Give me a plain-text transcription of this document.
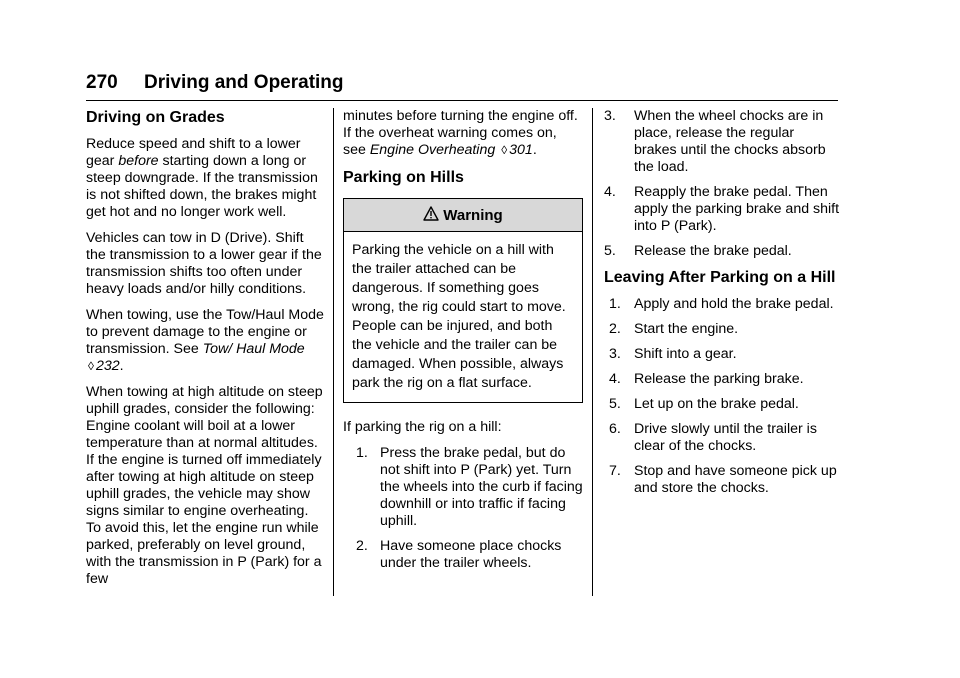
270 Driving and Operating
Driving on Grades

Reduce speed and shift to a lower gear before starting down a long or steep downgrade. If the transmission is not shifted down, the brakes might get hot and no longer work well.

Vehicles can tow in D (Drive). Shift the transmission to a lower gear if the transmission shifts too often under heavy loads and/or hilly conditions.

When towing, use the Tow/Haul Mode to prevent damage to the engine or transmission. See Tow/ Haul Mode ◊ 232.

When towing at high altitude on steep uphill grades, consider the following: Engine coolant will boil at a lower temperature than at normal altitudes. If the engine is turned off immediately after towing at high altitude on steep uphill grades, the vehicle may show signs similar to engine overheating. To avoid this, let the engine run while parked, preferably on level ground, with the transmission in P (Park) for a few

minutes before turning the engine off. If the overheat warning comes on, see Engine Overheating ◊ 301.

Parking on Hills
Warning
Parking the vehicle on a hill with the trailer attached can be dangerous. If something goes wrong, the rig could start to move. People can be injured, and both the vehicle and the trailer can be damaged. When possible, always park the rig on a flat surface.

If parking the rig on a hill:

1. Press the brake pedal, but do not shift into P (Park) yet. Turn the wheels into the curb if facing downhill or into traffic if facing uphill.
2. Have someone place chocks under the trailer wheels.
3.	When the wheel chocks are in place, release the regular brakes until the chocks absorb the load.
4.	Reapply the brake pedal. Then apply the parking brake and shift into P (Park).
5.	Release the brake pedal.
Leaving After Parking on a Hill
1. Apply and hold the brake pedal.
2. Start the engine.
3. Shift into a gear.
4. Release the parking brake.
5. Let up on the brake pedal.
6. Drive slowly until the trailer is clear of the chocks.
7. Stop and have someone pick up and store the chocks.
